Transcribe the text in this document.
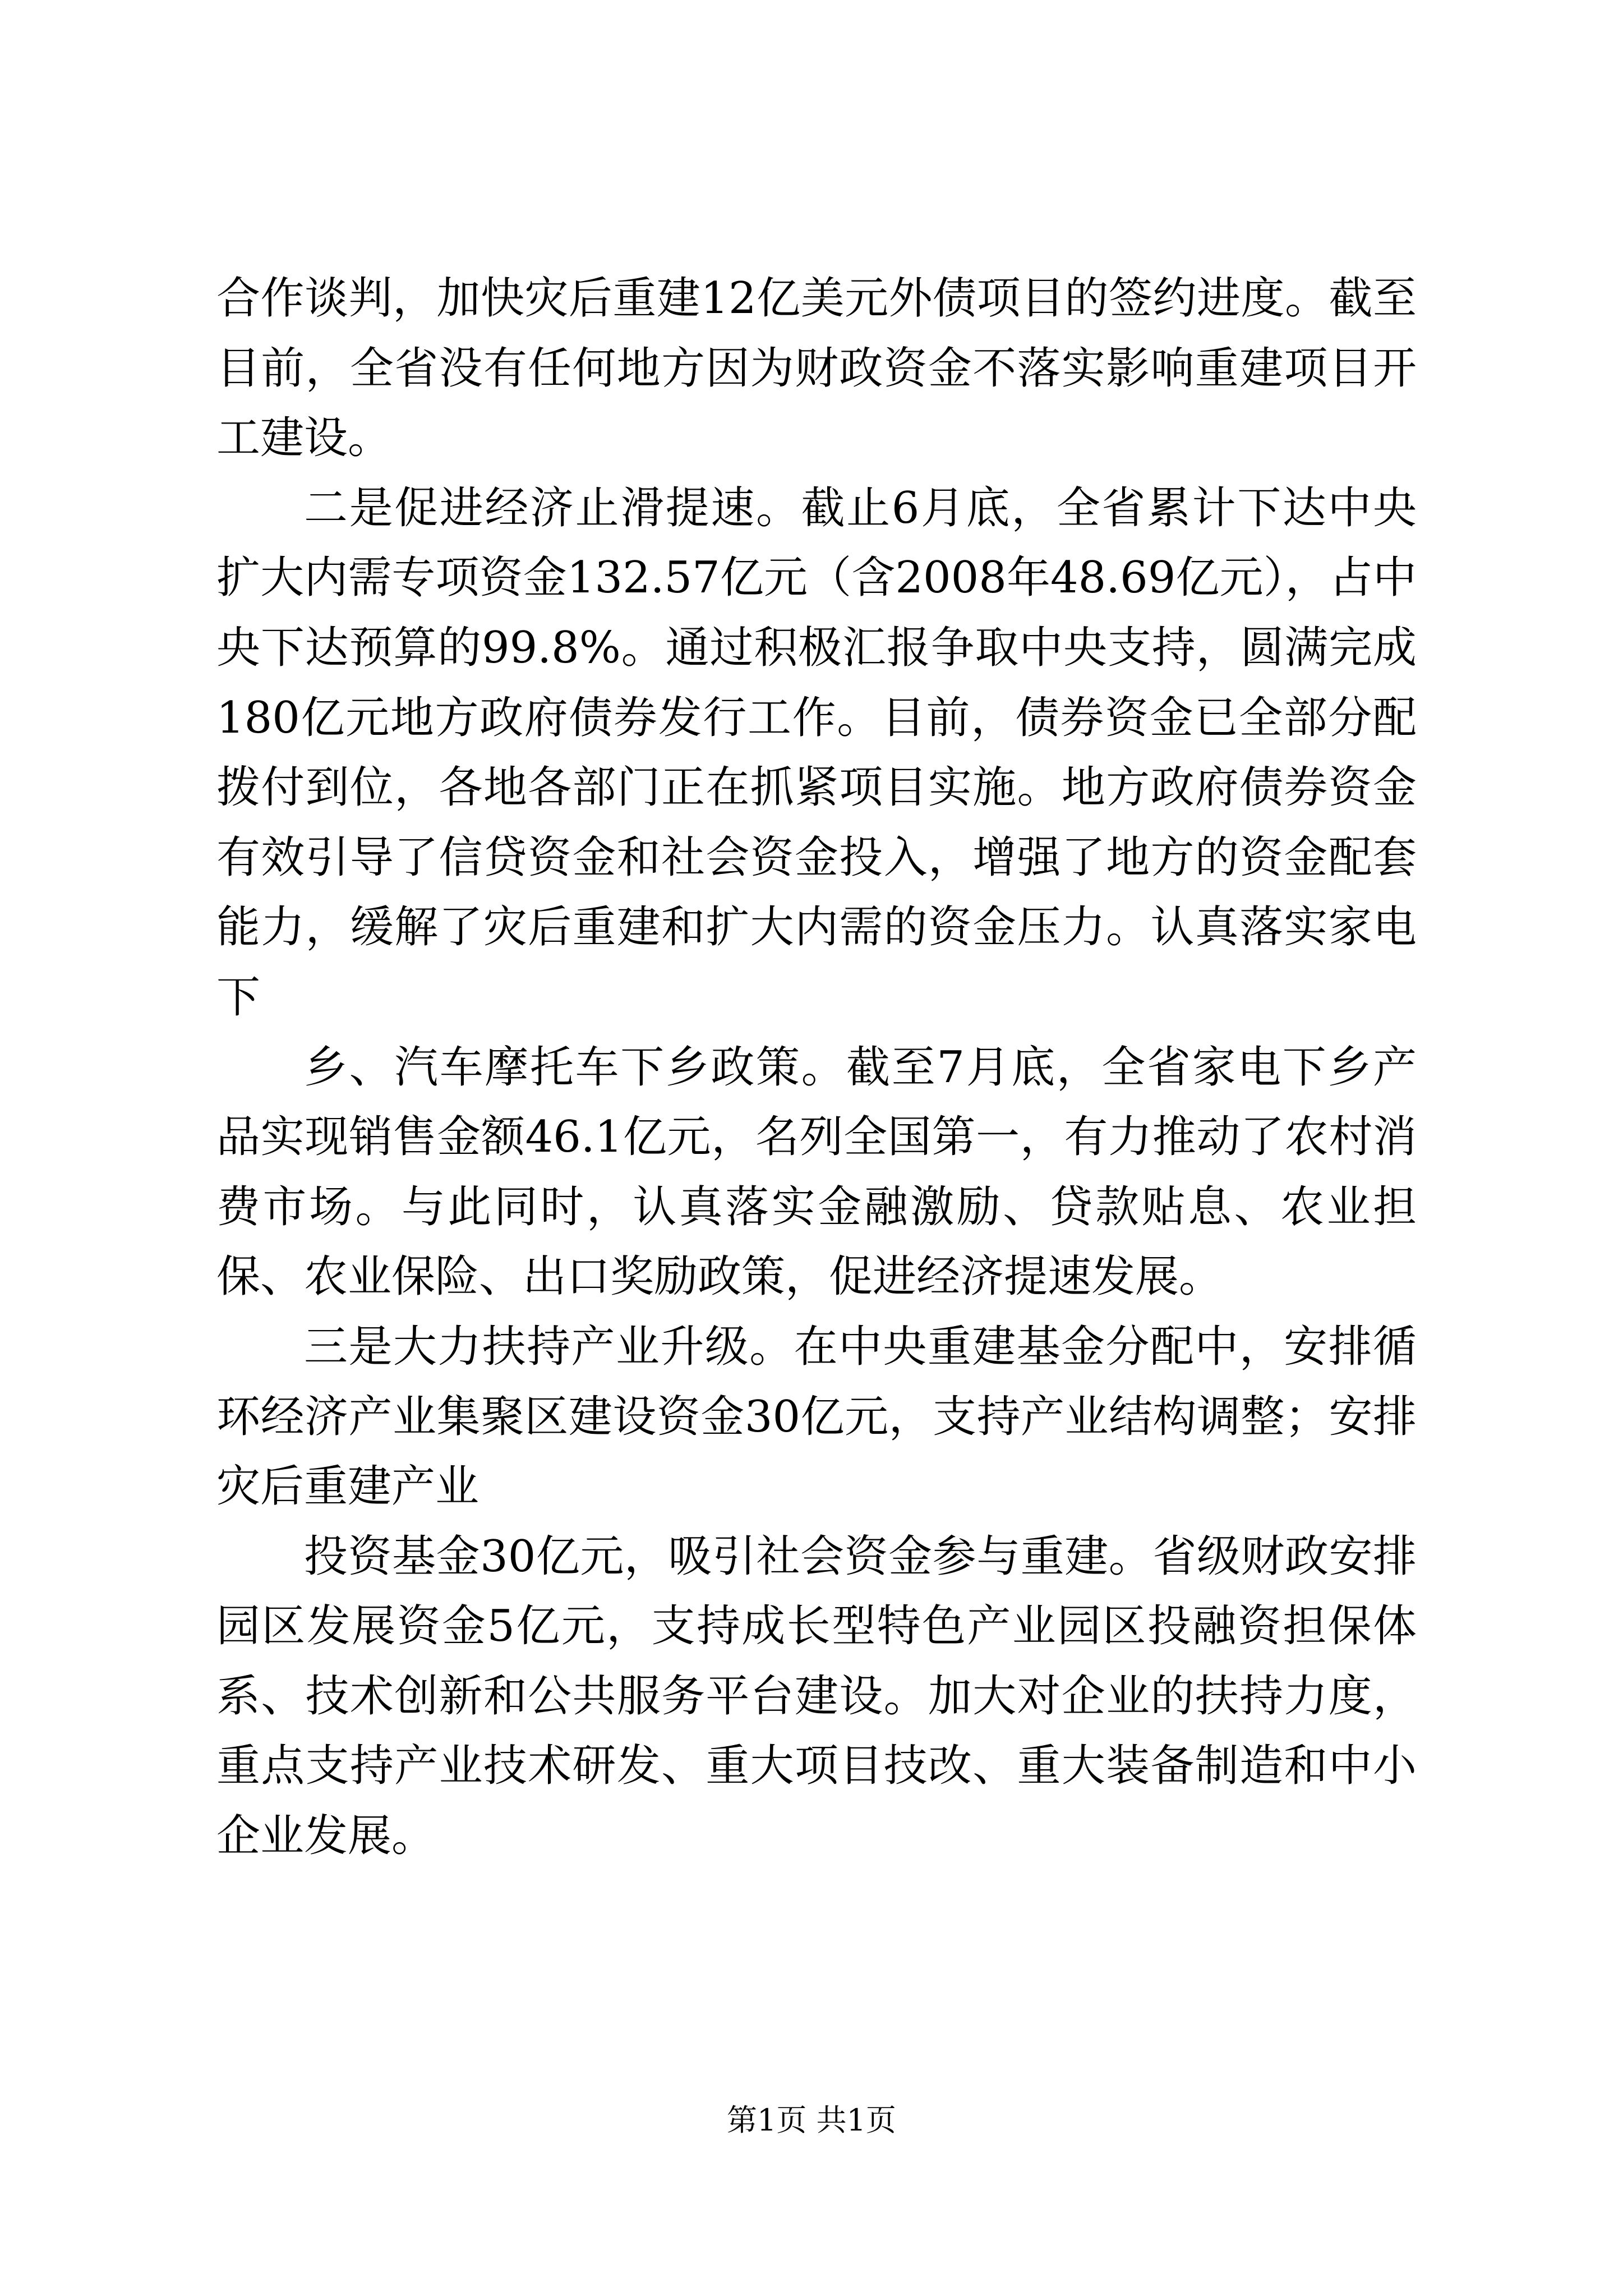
合作谈判，加快灾后重建12亿美元外债项目的签约进度。截至目前，全省没有任何地方因为财政资金不落实影响重建项目开工建设。

二是促进经济止滑提速。截止6月底，全省累计下达中央扩大内需专项资金132.57亿元（含2008年48.69亿元），占中央下达预算的99.8%。通过积极汇报争取中央支持，圆满完成180亿元地方政府债券发行工作。目前，债券资金已全部分配拨付到位，各地各部门正在抓紧项目实施。地方政府债券资金有效引导了信贷资金和社会资金投入，增强了地方的资金配套能力，缓解了灾后重建和扩大内需的资金压力。认真落实家电下

乡、汽车摩托车下乡政策。截至7月底，全省家电下乡产品实现销售金额46.1亿元，名列全国第一，有力推动了农村消费市场。与此同时，认真落实金融激励、贷款贴息、农业担保、农业保险、出口奖励政策，促进经济提速发展。

三是大力扶持产业升级。在中央重建基金分配中，安排循环经济产业集聚区建设资金30亿元，支持产业结构调整；安排灾后重建产业

投资基金30亿元，吸引社会资金参与重建。省级财政安排园区发展资金5亿元，支持成长型特色产业园区投融资担保体系、技术创新和公共服务平台建设。加大对企业的扶持力度，重点支持产业技术研发、重大项目技改、重大装备制造和中小企业发展。

第1页 共1页
